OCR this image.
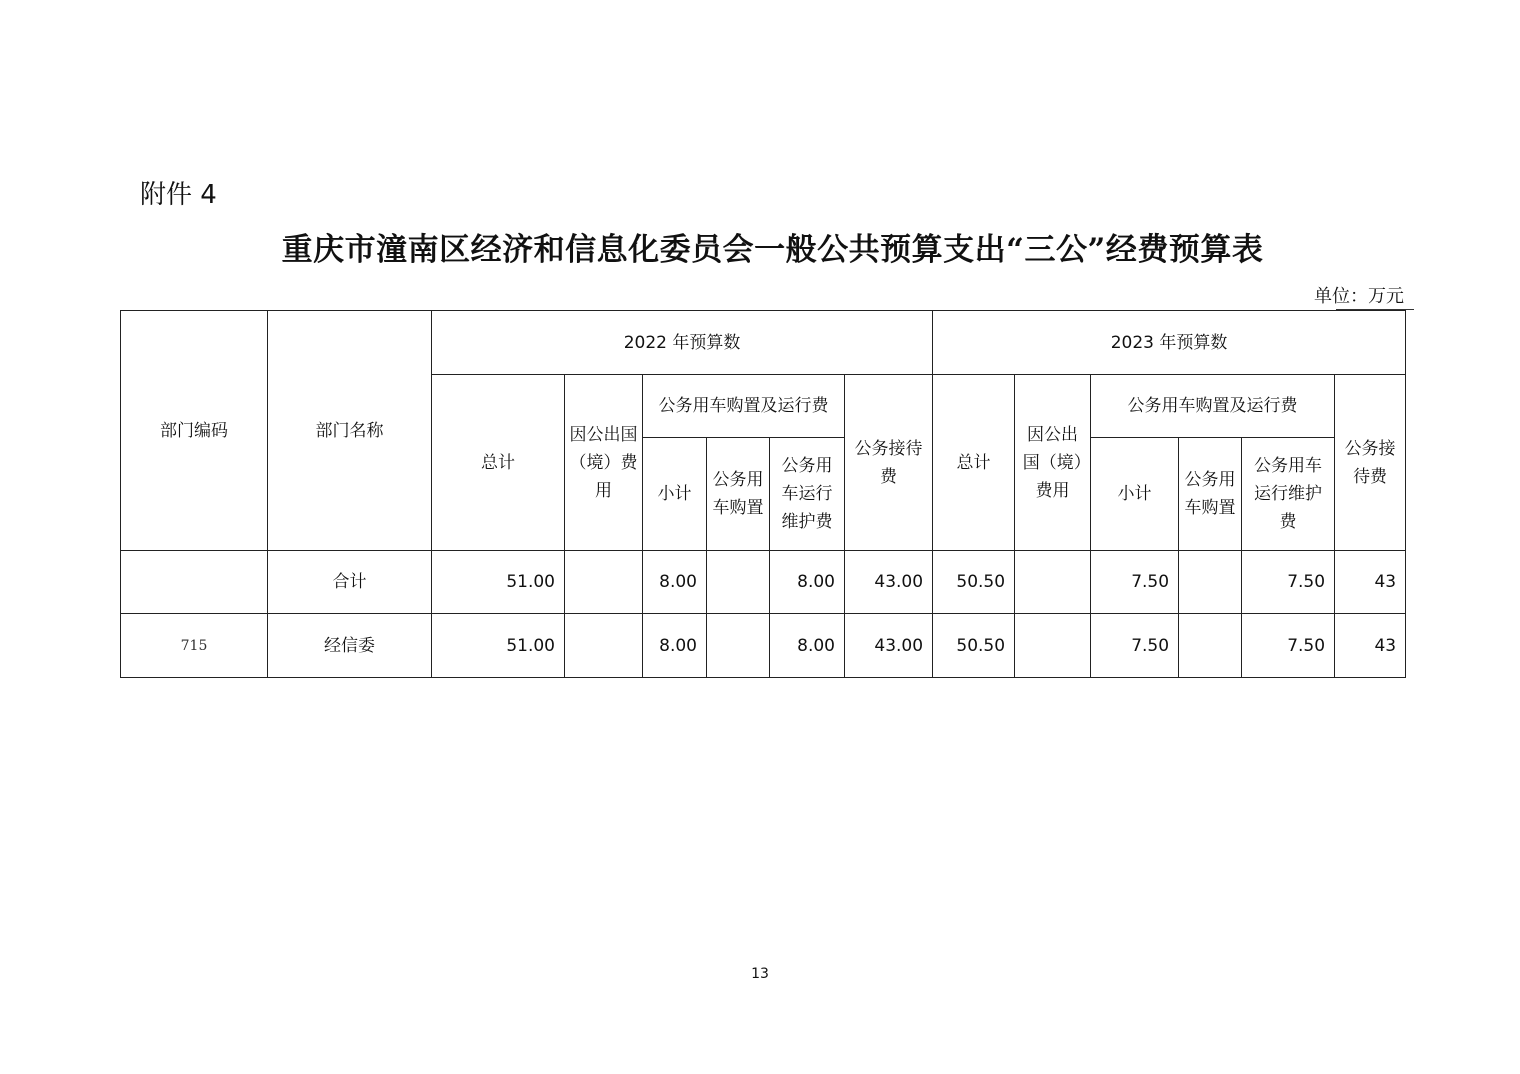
附件 4
重庆市潼南区经济和信息化委员会一般公共预算支出“三公”经费预算表
单位：万元
部门编码	部门名称	2022 年预算数						2023 年预算数					
		总计	因公出国（境）费用	公务用车购置及运行费			公务接待费	总计	因公出国（境）费用	公务用车购置及运行费			公务接待费
				小计	公务用车购置	公务用车运行维护费				小计	公务用车购置	公务用车运行维护费	
	合计	51.00		8.00		8.00	43.00	50.50		7.50		7.50	43
715	经信委	51.00		8.00		8.00	43.00	50.50		7.50		7.50	43
13
